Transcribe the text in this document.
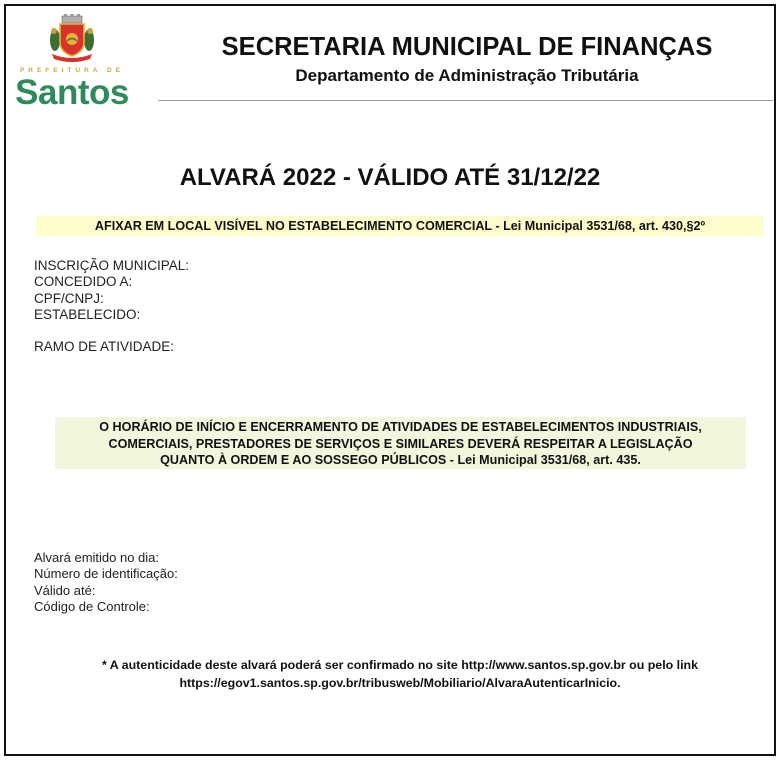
PREFEITURA DE
Santos
SECRETARIA MUNICIPAL DE FINANÇAS
Departamento de Administração Tributária
ALVARÁ 2022 - VÁLIDO ATÉ 31/12/22
AFIXAR EM LOCAL VISÍVEL NO ESTABELECIMENTO COMERCIAL - Lei Municipal 3531/68, art. 430,§2º
INSCRIÇÃO MUNICIPAL:
CONCEDIDO A:
CPF/CNPJ:
ESTABELECIDO:
RAMO DE ATIVIDADE:
O HORÁRIO DE INÍCIO E ENCERRAMENTO DE ATIVIDADES DE ESTABELECIMENTOS INDUSTRIAIS,
COMERCIAIS, PRESTADORES DE SERVIÇOS E SIMILARES DEVERÁ RESPEITAR A LEGISLAÇÃO
QUANTO À ORDEM E AO SOSSEGO PÚBLICOS - Lei Municipal 3531/68, art. 435.
Alvará emitido no dia:
Número de identificação:
Válido até:
Código de Controle:
* A autenticidade deste alvará poderá ser confirmado no site http://www.santos.sp.gov.br ou pelo link
https://egov1.santos.sp.gov.br/tribusweb/Mobiliario/AlvaraAutenticarInicio.
